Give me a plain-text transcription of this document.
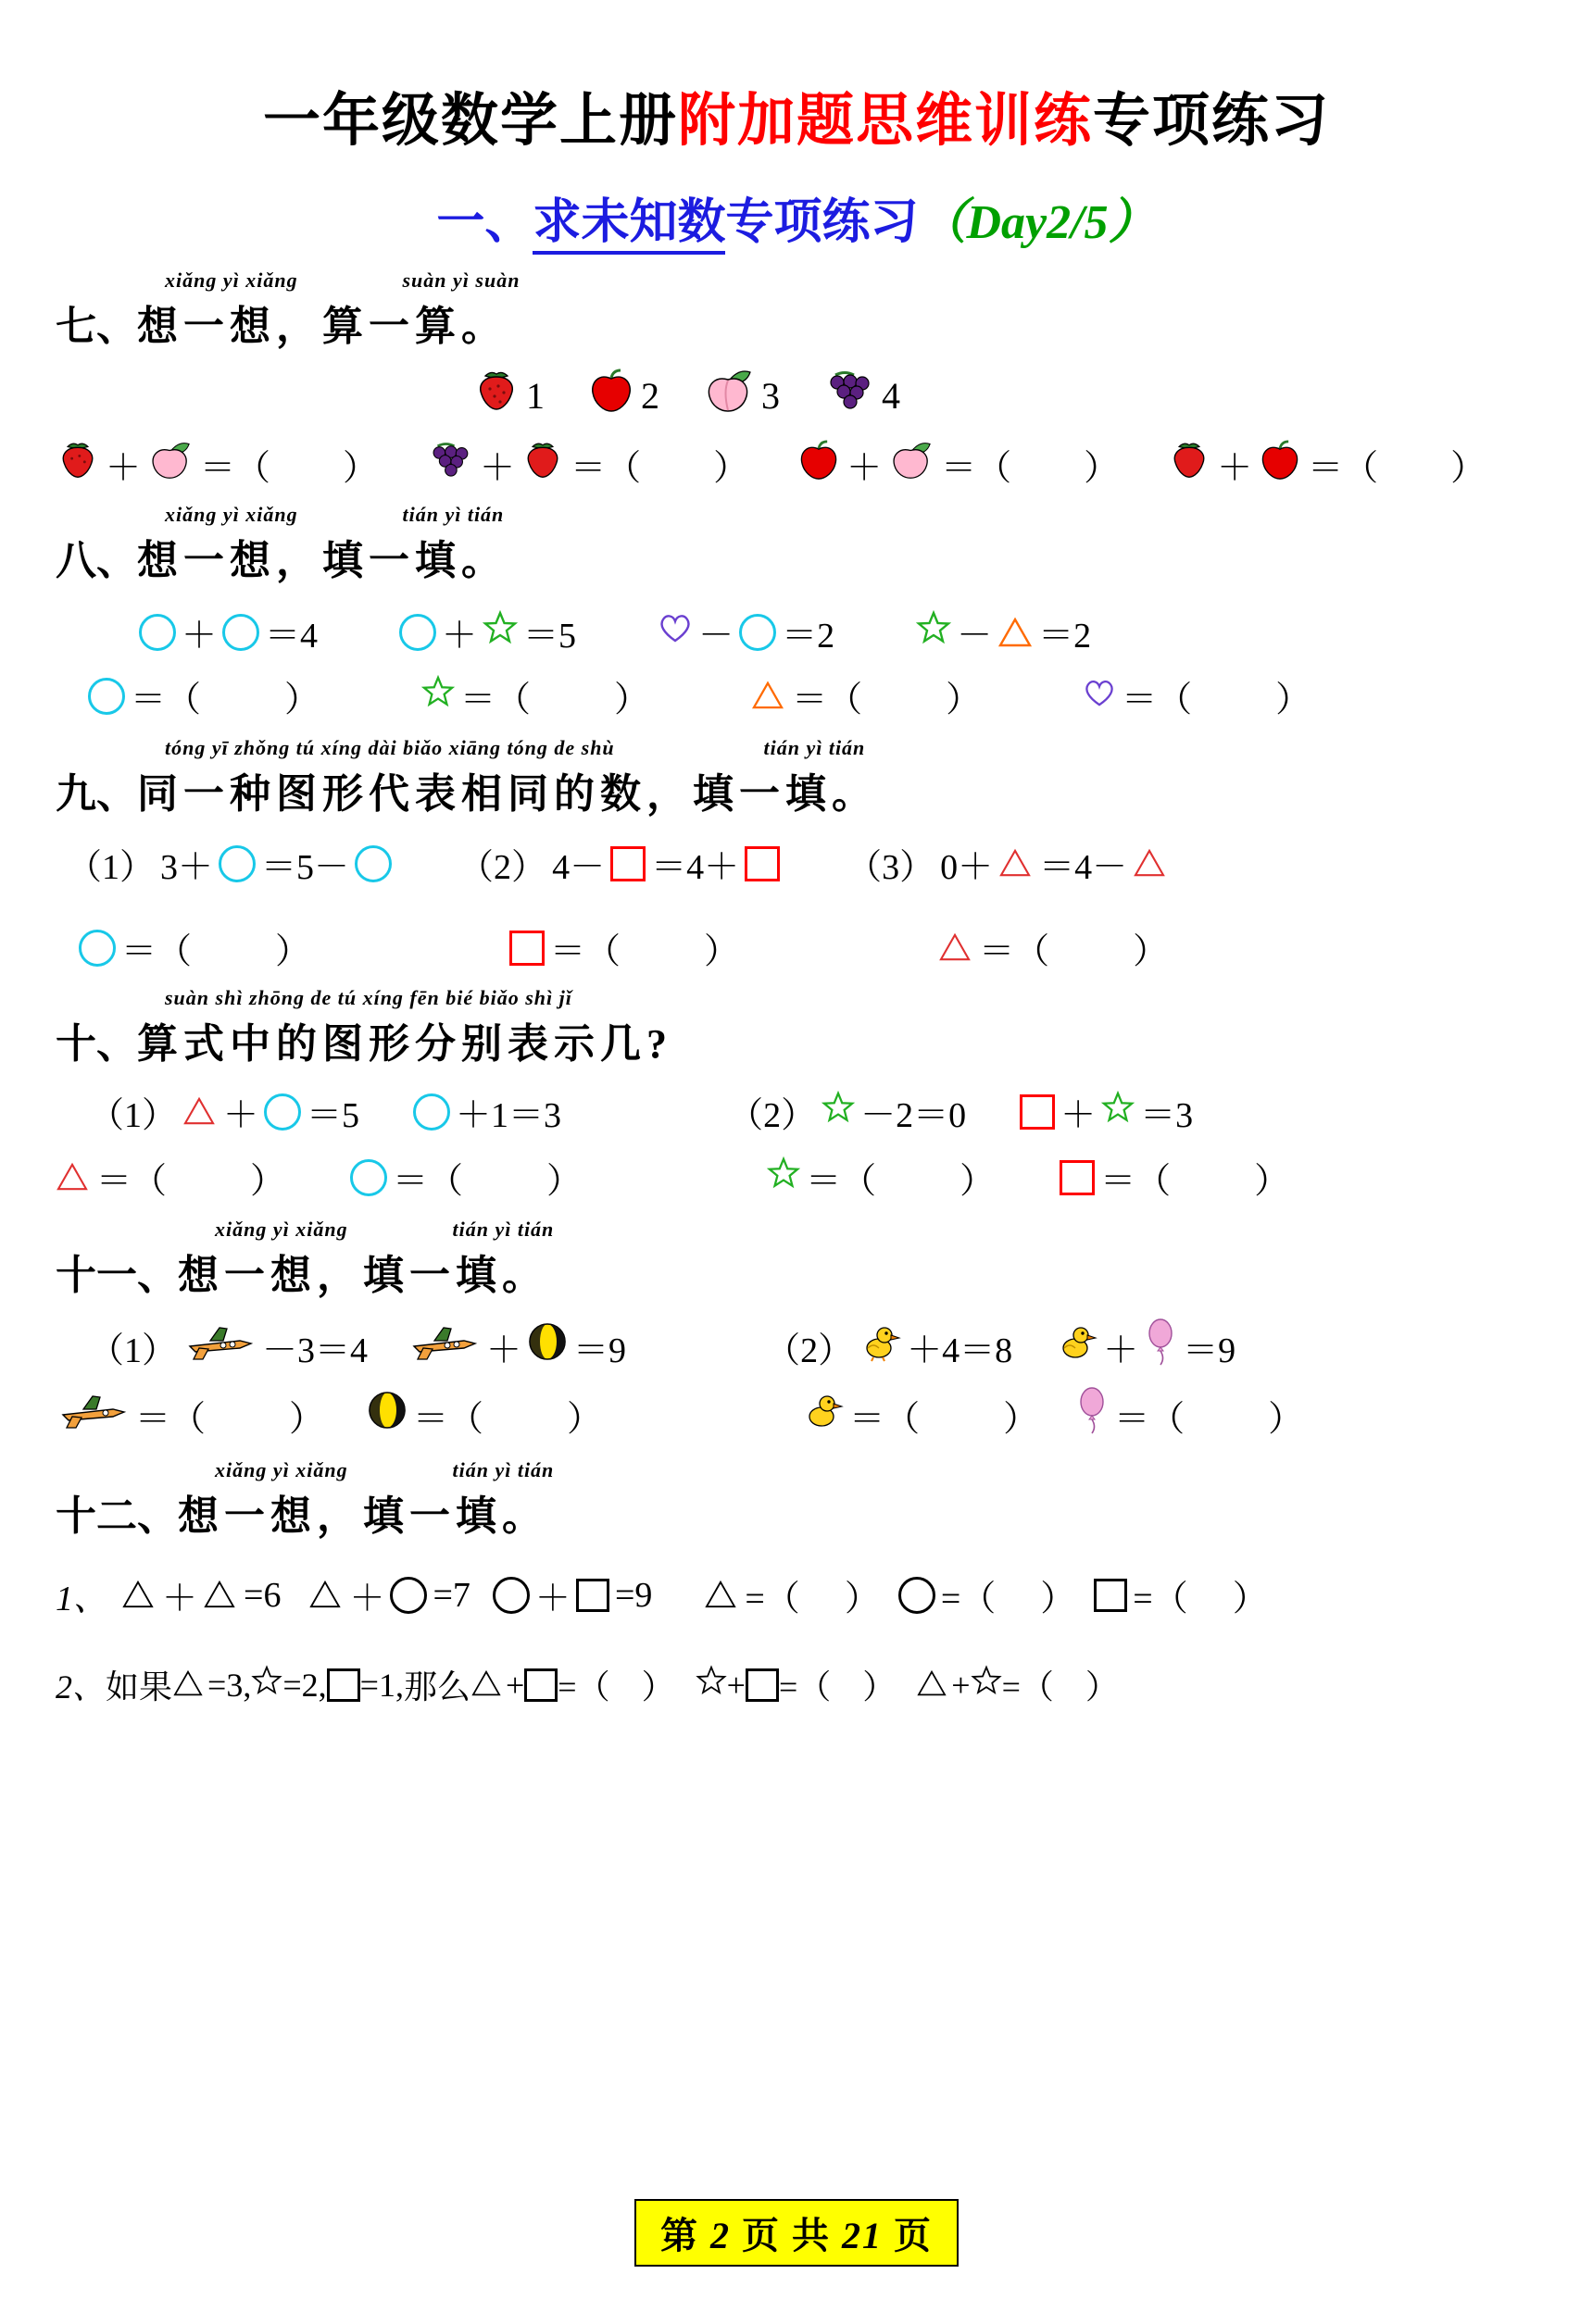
一年级数学上册附加题思维训练专项练习
一、求未知数专项练习（Day2/5）
xiǎng yì xiǎng	suàn yì suàn
七、想一想，算一算。
1	2	3	4
＋ ＝（ ）	＋ ＝（ ）	＋ ＝（ ）	＋ ＝（ ）
xiǎng yì xiǎng	tián yì tián
八、想一想，填一填。
＋ ＝4	＋ ＝5	－ ＝2	－ ＝2
＝（ ）	＝（ ）	＝（ ）	＝（ ）
tóng yī zhǒng tú xíng dài biǎo xiāng tóng de shù	tián yì tián
九、同一种图形代表相同的数，填一填。
（1） 3＋ ＝5－	（2） 4－ ＝4＋	（3） 0＋ ＝4－
＝（ ）	＝（ ）	＝（ ）
suàn shì zhōng de tú xíng fēn bié biǎo shì jǐ
十、算式中的图形分别表示几?
（1） ＋ ＝5	＋1＝3	（2） －2＝0	＋ ＝3
＝（ ）	＝（ ）	＝（ ）	＝（ ）
xiǎng yì xiǎng	tián yì tián
十一、想一想，填一填。
（1） －3＝4	＋ ＝9	（2） ＋4＝8	＋ ＝9
＝（ ）	＝（ ）	＝（ ）	＝（ ）
xiǎng yì xiǎng	tián yì tián
十二、想一想，填一填。
1、 ＋ =6 ＋ =7 ＋ =9	=（ ）	=（ ）	=（ ）
2、 如果 =3, =2, =1, 那么 + =（ ） + =（ ） + =（ ）
第 2 页 共 21 页
